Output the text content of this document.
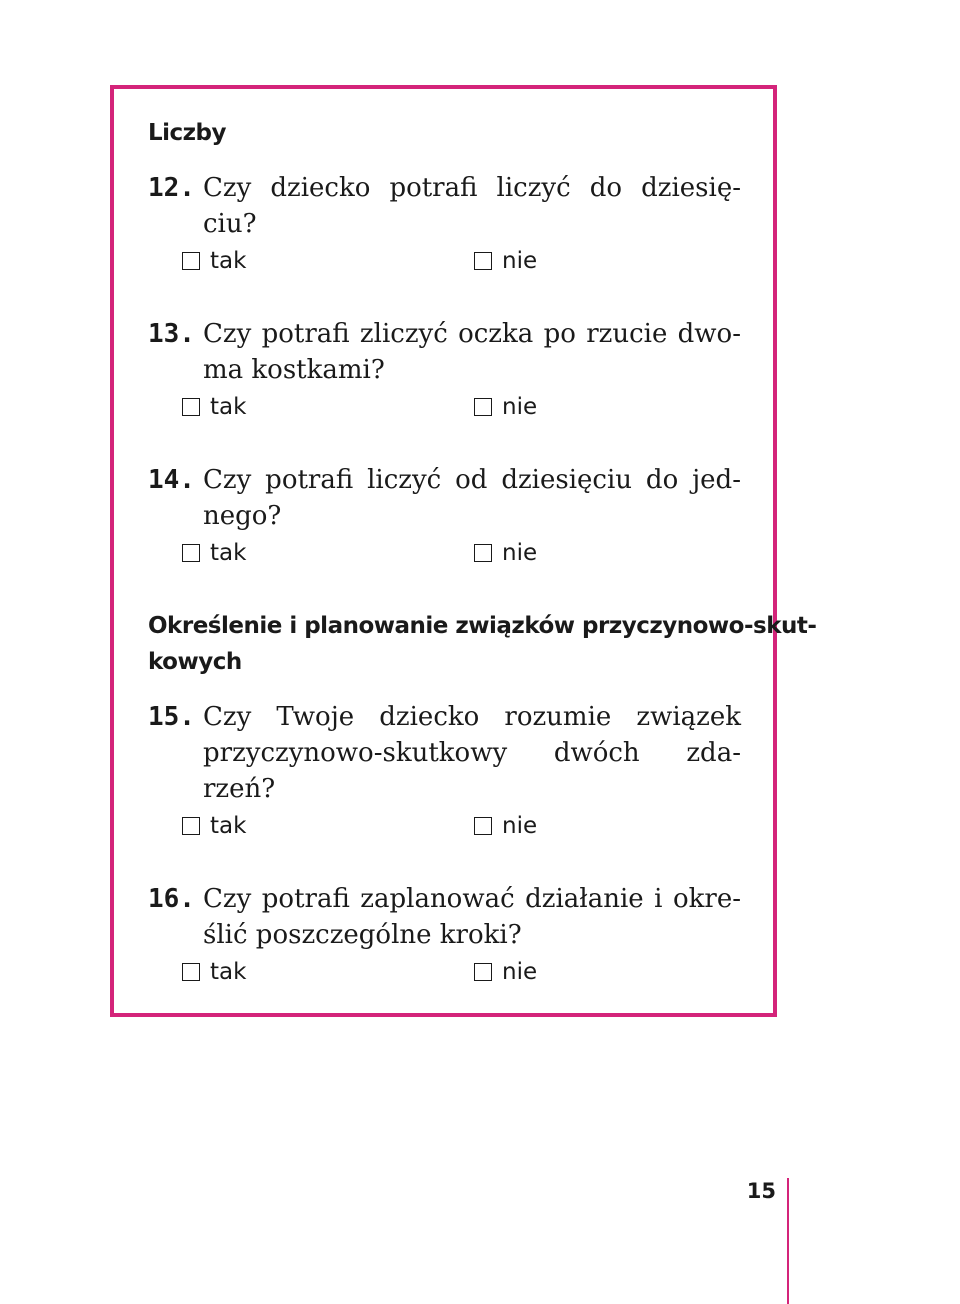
Liczby

12. Czy dziecko potrafi liczyć do dziesię-

ciu?

tak	nie

13. Czy potrafi zliczyć oczka po rzucie dwo-

ma kostkami?

tak	nie

14. Czy potrafi liczyć od dziesięciu do jed-

nego?

tak	nie

Określenie i planowanie związków przyczynowo-skut-

kowych

15. Czy Twoje dziecko rozumie związek

przyczynowo-skutkowy dwóch zda-

rzeń?

tak	nie

16. Czy potrafi zaplanować działanie i okre-

ślić poszczególne kroki?

tak	nie
15
